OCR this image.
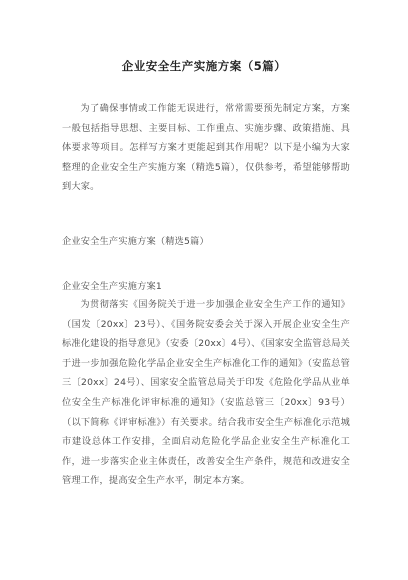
企业安全生产实施方案（5篇）

为了确保事情或工作能无误进行，常常需要预先制定方案，方案一般包括指导思想、主要目标、工作重点、实施步骤、政策措施、具体要求等项目。怎样写方案才更能起到其作用呢？以下是小编为大家整理的企业安全生产实施方案（精选5篇），仅供参考，希望能够帮助到大家。

企业安全生产实施方案（精选5篇）

企业安全生产实施方案1

为贯彻落实《国务院关于进一步加强企业安全生产工作的通知》（国发〔20xx〕23号）、《国务院安委会关于深入开展企业安全生产标准化建设的指导意见》（安委〔20xx〕4号）、《国家安全监管总局关于进一步加强危险化学品企业安全生产标准化工作的通知》（安监总管三〔20xx〕24号）、国家安全监管总局关于印发《危险化学品从业单位安全生产标准化评审标准的通知》（安监总管三〔20xx〕93号）（以下简称《评审标准》）有关要求。结合我市安全生产标准化示范城市建设总体工作安排，全面启动危险化学品企业安全生产标准化工作，进一步落实企业主体责任，改善安全生产条件，规范和改进安全管理工作，提高安全生产水平，制定本方案。
